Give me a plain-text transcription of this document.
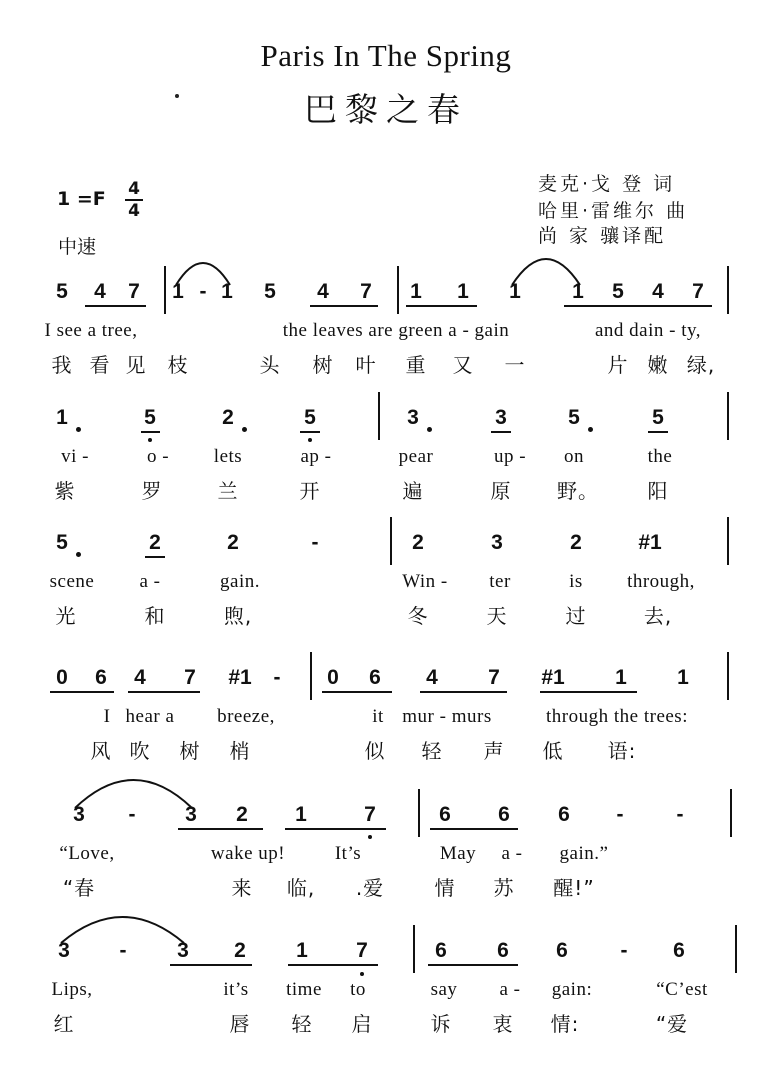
Paris In The Spring
巴黎之春
1 =F	4
4
中速
麦克·戈 登 词
哈里·雷维尔 曲
尚 家 骧译配
5 4 7 1 - 1 5 4 7 1 1 1 1 5 4 7
I see a tree,	the leaves are green a - gain	and dain - ty,
我 看 见 枝	头 树 叶 重 又 一	片 嫩 绿,
1	5	2	5	3	3	5	5
vi -	o - lets	ap -	pear	up - on	the
紫	罗	兰	开	遍	原 野。 阳
5	2	2	-	2	3	2	#1
scene a -	gain.	Win - ter	is through,
光	和	煦,	冬	天	过	去,
0 6 4 7 #1 - 0 6 4 7 #1 1 1
I hear a breeze,	it mur - murs	through the trees:
风 吹 树 梢	似 轻 声 低 语:
3 - 3 2 1	7	6 6 6 -	-
“Love,	wake up!	It’s	May a - gain.”
“春	来 临, .爱	情 苏 醒!”
3 - 3 2 1 7	6 6 6	- 6
Lips,	it’s time to	say a - gain:	“C’est
红	唇 轻 启	诉 衷 情:	“爱
